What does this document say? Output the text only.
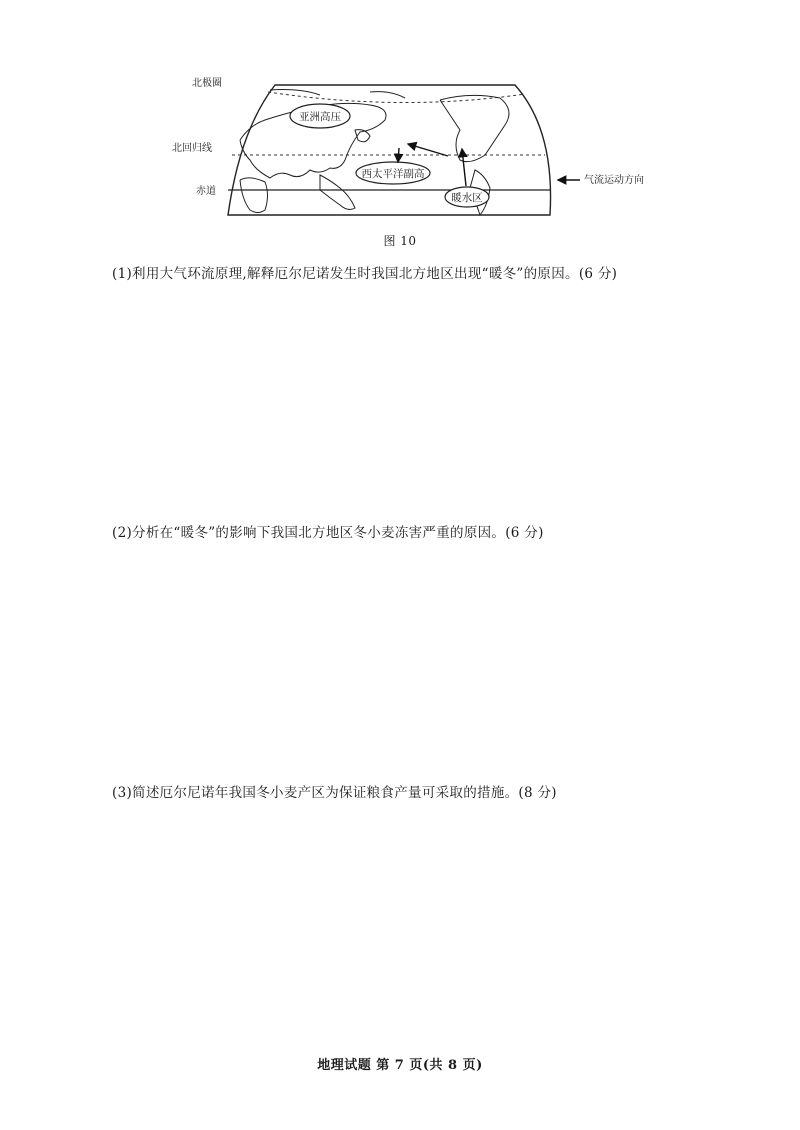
北极圈
北回归线
赤道
亚洲高压
西太平洋副高
暖水区
气流运动方向
图 10
(1)利用大气环流原理,解释厄尔尼诺发生时我国北方地区出现“暖冬”的原因。(6 分)
(2)分析在“暖冬”的影响下我国北方地区冬小麦冻害严重的原因。(6 分)
(3)简述厄尔尼诺年我国冬小麦产区为保证粮食产量可采取的措施。(8 分)
地理试题 第 7 页(共 8 页)
